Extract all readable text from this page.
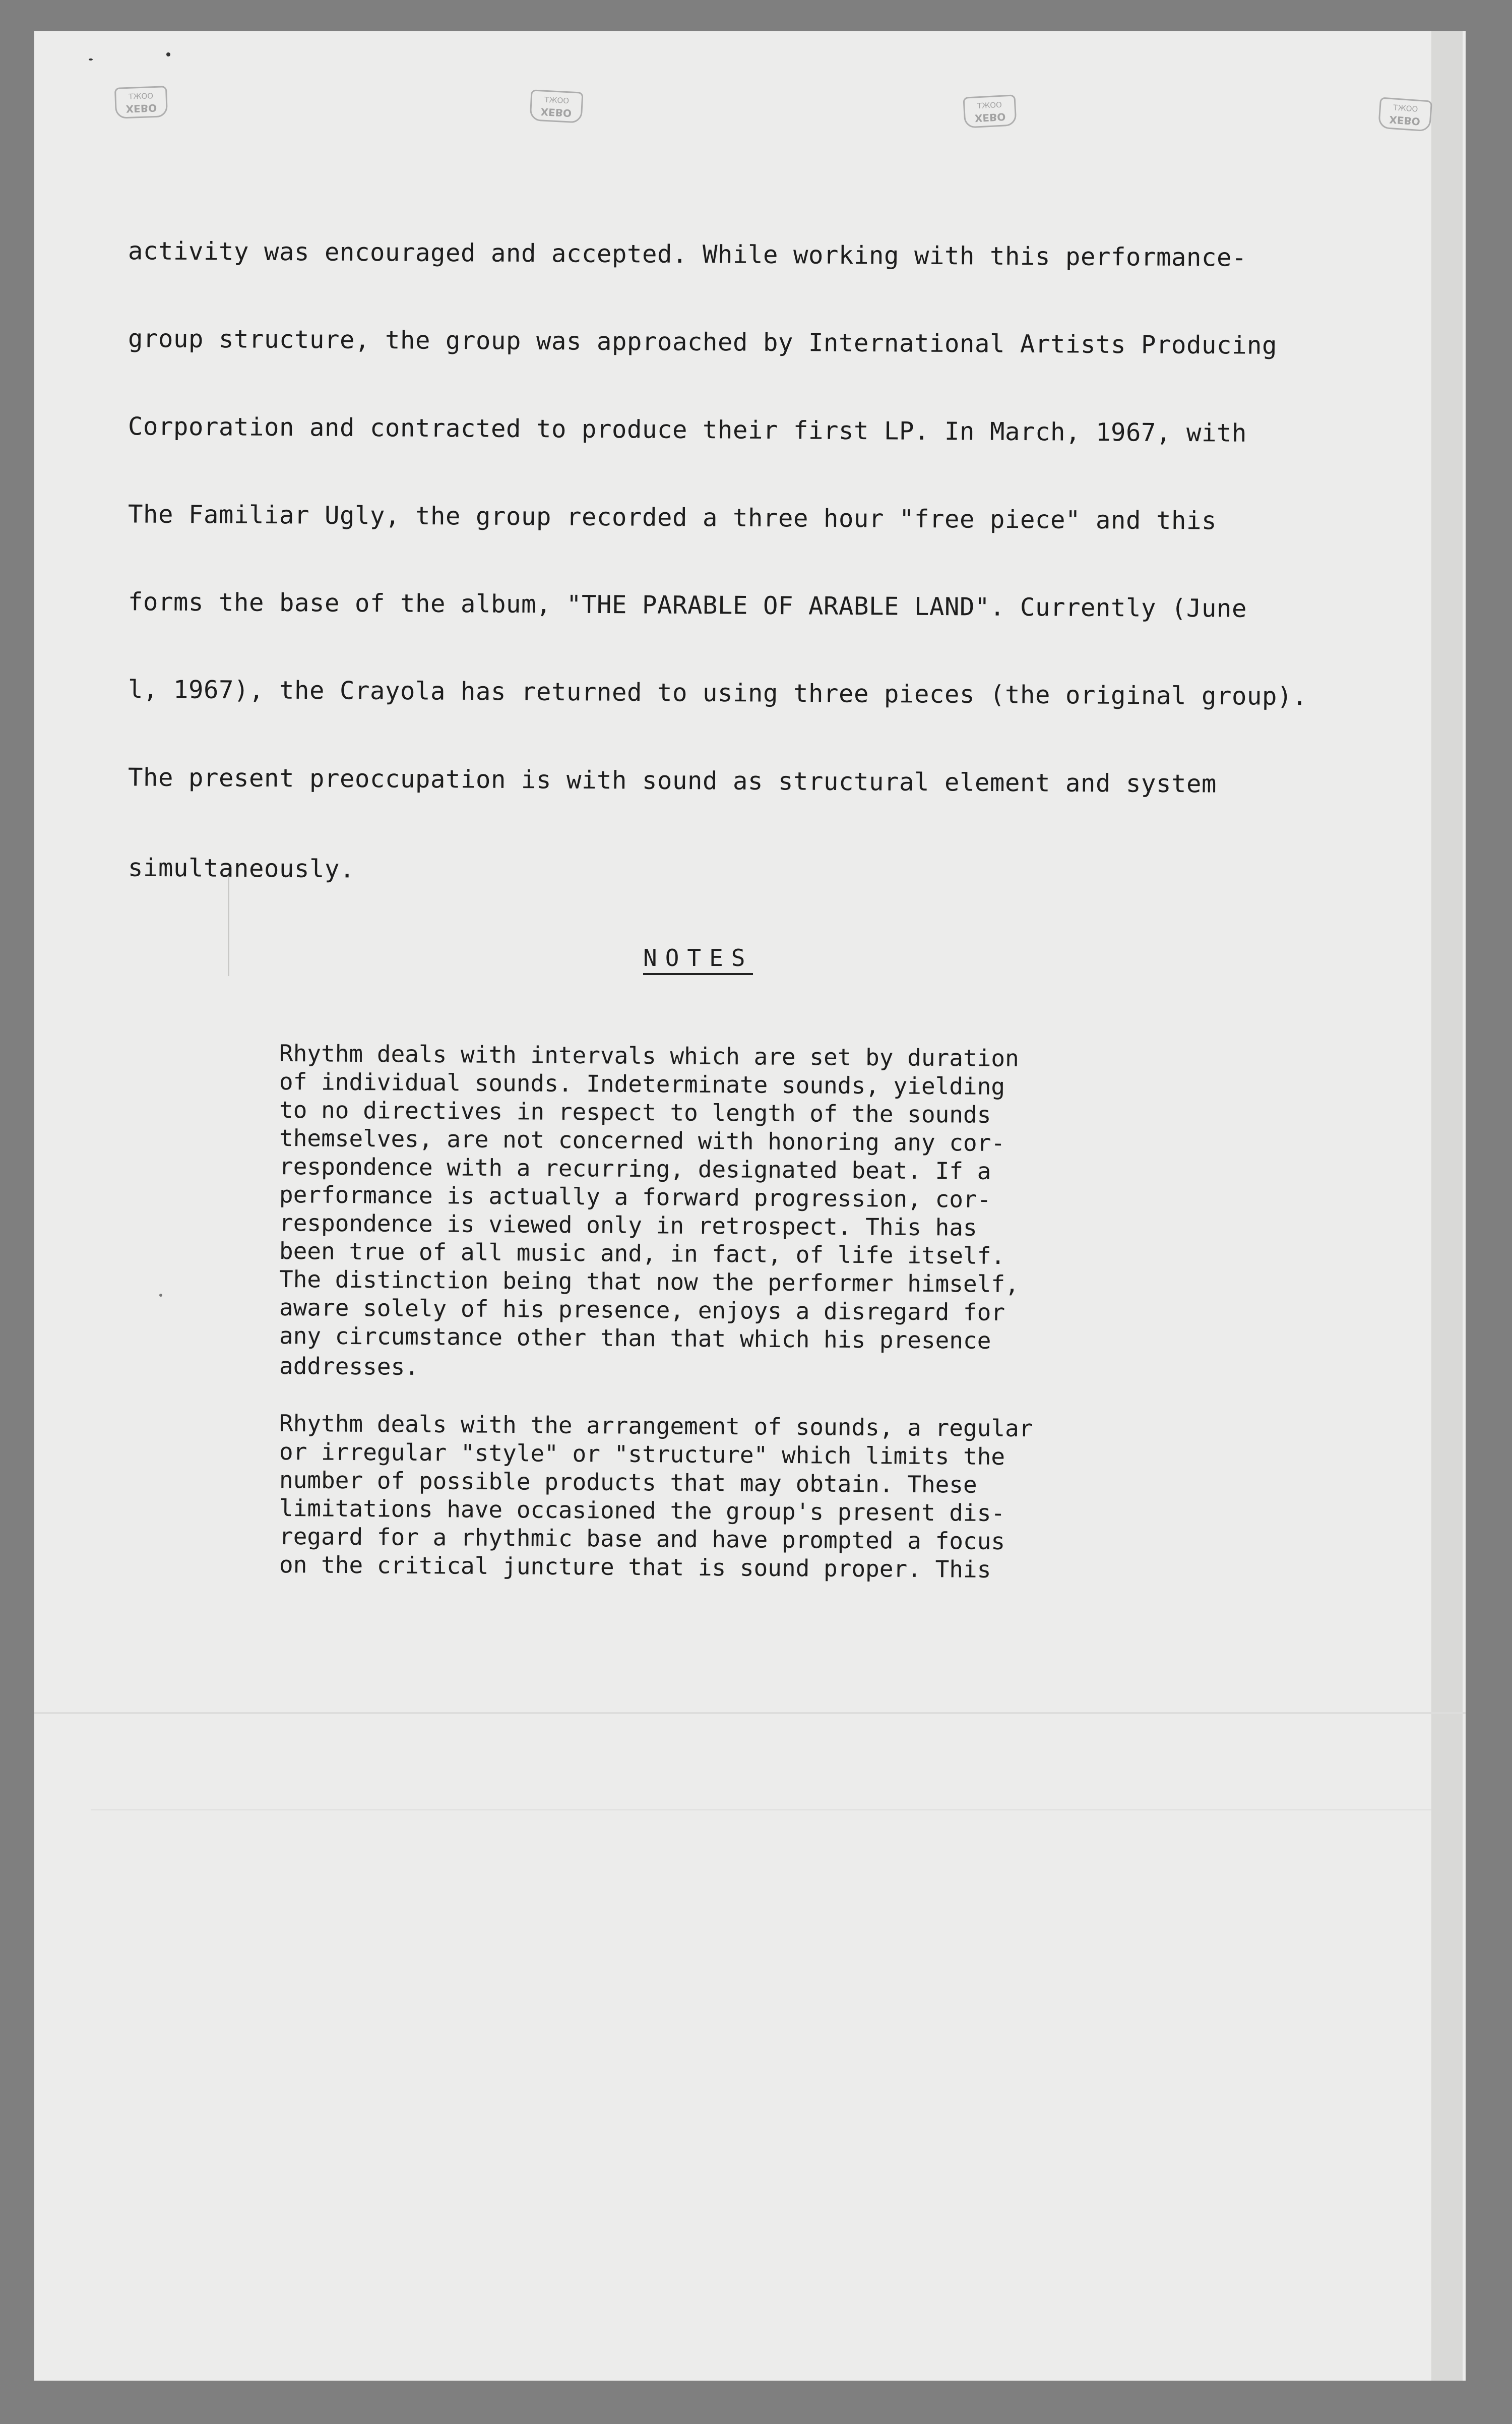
ТЖОО
XEBO
ТЖОО
XEBO
ТЖОО
XEBO
ТЖОО
XEBO
activity was encouraged and accepted. While working with this performance-
group structure, the group was approached by International Artists Producing
Corporation and contracted to produce their first LP. In March, 1967, with
The Familiar Ugly, the group recorded a three hour "free piece" and this
forms the base of the album, "THE PARABLE OF ARABLE LAND". Currently (June
l, 1967), the Crayola has returned to using three pieces (the original group).
The present preoccupation is with sound as structural element and system
simultaneously.
NOTES
Rhythm deals with intervals which are set by duration
of individual sounds. Indeterminate sounds, yielding
to no directives in respect to length of the sounds
themselves, are not concerned with honoring any cor-
respondence with a recurring, designated beat. If a
performance is actually a forward progression, cor-
respondence is viewed only in retrospect. This has
been true of all music and, in fact, of life itself.
The distinction being that now the performer himself,
aware solely of his presence, enjoys a disregard for
any circumstance other than that which his presence
addresses.
Rhythm deals with the arrangement of sounds, a regular
or irregular "style" or "structure" which limits the
number of possible products that may obtain. These
limitations have occasioned the group's present dis-
regard for a rhythmic base and have prompted a focus
on the critical juncture that is sound proper. This
